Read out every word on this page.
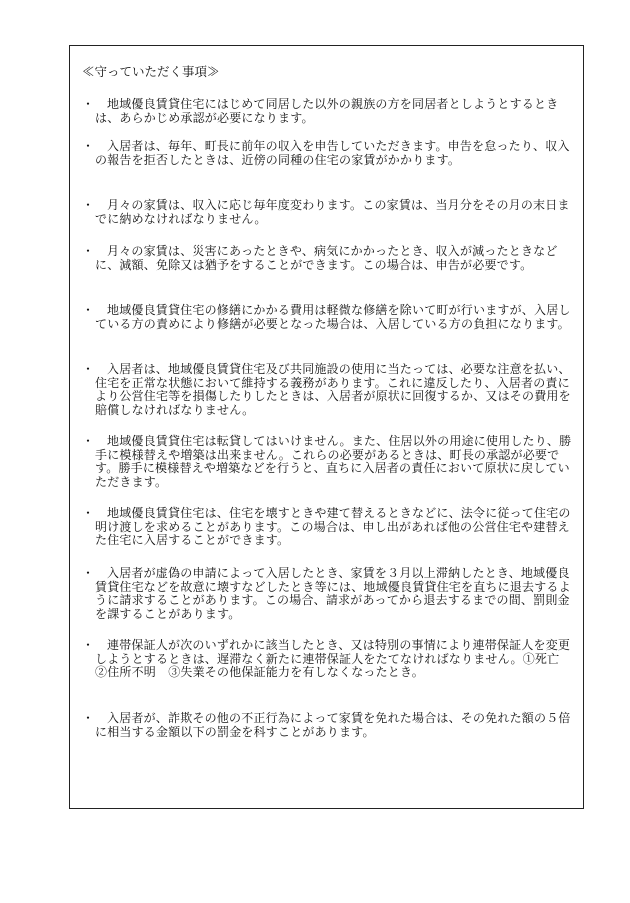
≪守っていただく事項≫
・	地域優良賃貸住宅にはじめて同居した以外の親族の方を同居者としようとするときは、あらかじめ承認が必要になります。
・	入居者は、毎年、町長に前年の収入を申告していただきます。申告を怠ったり、収入の報告を拒否したときは、近傍の同種の住宅の家賃がかかります。
・	月々の家賃は、収入に応じ毎年度変わります。この家賃は、当月分をその月の末日までに納めなければなりません。
・	月々の家賃は、災害にあったときや、病気にかかったとき、収入が減ったときなどに、減額、免除又は猶予をすることができます。この場合は、申告が必要です。
・	地域優良賃貸住宅の修繕にかかる費用は軽微な修繕を除いて町が行いますが、入居している方の責めにより修繕が必要となった場合は、入居している方の負担になります。
・	入居者は、地域優良賃貸住宅及び共同施設の使用に当たっては、必要な注意を払い、住宅を正常な状態において維持する義務があります。これに違反したり、入居者の責により公営住宅等を損傷したりしたときは、入居者が原状に回復するか、又はその費用を賠償しなければなりません。
・	地域優良賃貸住宅は転貸してはいけません。また、住居以外の用途に使用したり、勝手に模様替えや増築は出来ません。これらの必要があるときは、町長の承認が必要です。勝手に模様替えや増築などを行うと、直ちに入居者の責任において原状に戻していただきます。
・	地域優良賃貸住宅は、住宅を壊すときや建て替えるときなどに、法令に従って住宅の明け渡しを求めることがあります。この場合は、申し出があれば他の公営住宅や建替えた住宅に入居することができます。
・	入居者が虚偽の申請によって入居したとき、家賃を３月以上滞納したとき、地域優良賃貸住宅などを故意に壊すなどしたとき等には、地域優良賃貸住宅を直ちに退去するように請求することがあります。この場合、請求があってから退去するまでの間、罰則金を課することがあります。
・	連帯保証人が次のいずれかに該当したとき、又は特別の事情により連帯保証人を変更しようとするときは、遅滞なく新たに連帯保証人をたてなければなりません。①死亡　②住所不明　③失業その他保証能力を有しなくなったとき。
・	入居者が、詐欺その他の不正行為によって家賃を免れた場合は、その免れた額の５倍に相当する金額以下の罰金を科すことがあります。
